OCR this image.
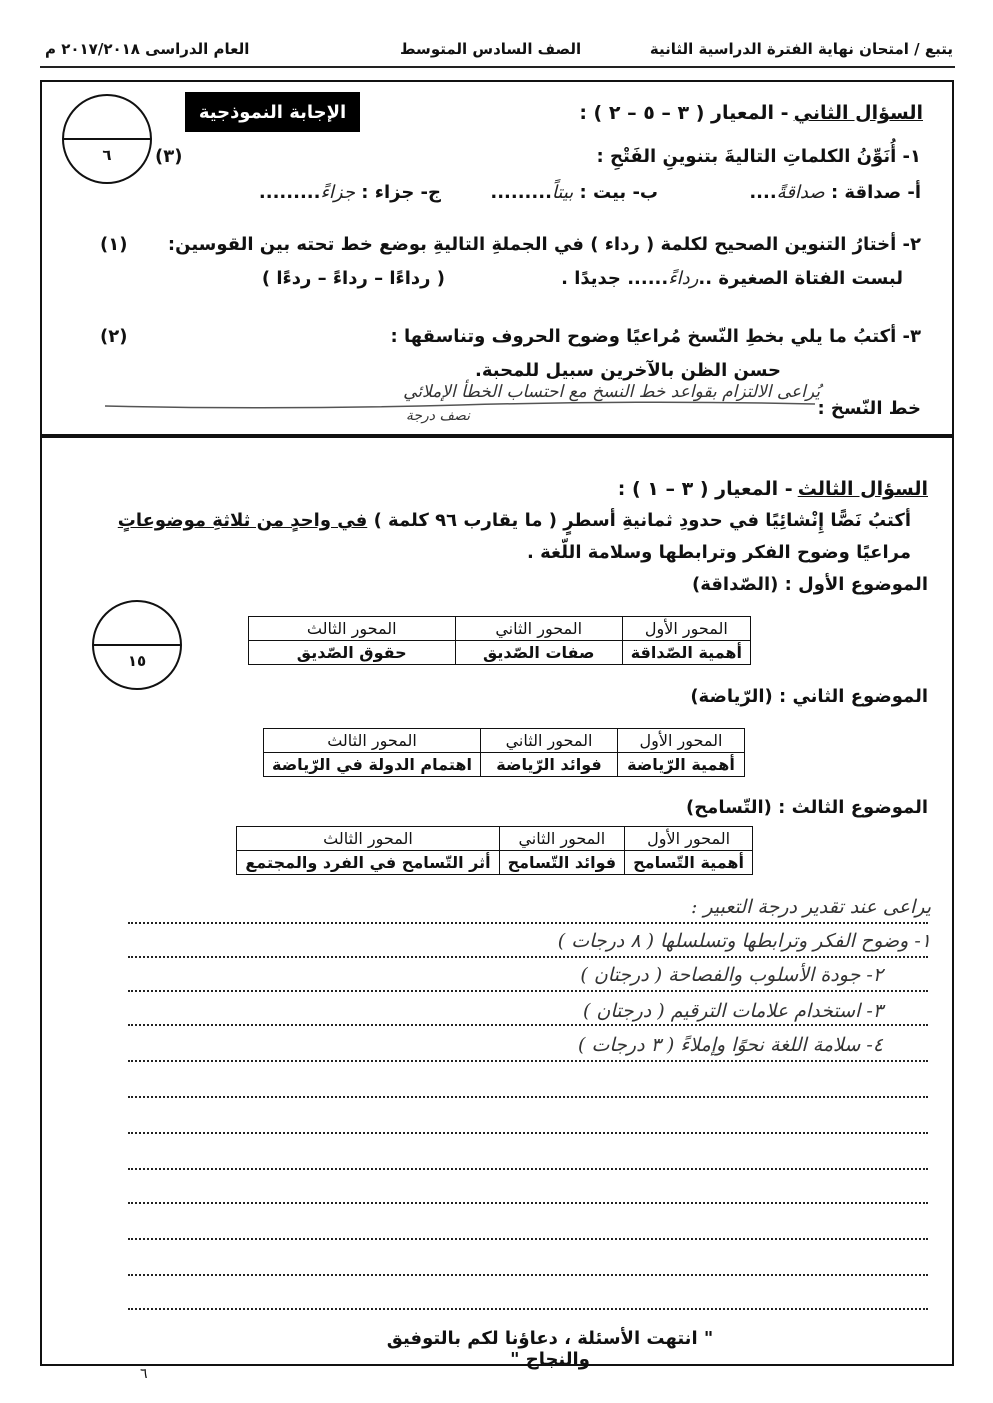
يتبع / امتحان نهاية الفترة الدراسية الثانية
الصف السادس المتوسط
العام الدراسى ٢٠١٧/٢٠١٨ م
٦
الإجابة النموذجية	السؤال الثاني - المعيار ( ٣ – ٥ – ٢ ) :
١- أُنَوِّنُ الكلماتِ التاليةَ بتنوينِ الفَتْحِ :
(٣)
أ- صداقة : صداقةً....
ب- بيت : بيتاً.........
ج- جزاء : جزاءً.........
٢- أختارُ التنوين الصحيح لكلمة ( رداء ) في الجملةِ التاليةِ بوضع خط تحته بين القوسين:
(١)
لبست الفتاة الصغيرة ..رداءً...... جديدًا .
( رداءًا – رداءً – ردءًا )
٣- أكتبُ ما يلي بخطِ النّسخ مُراعيًا وضوح الحروف وتناسقها :
(٢)
حسن الظن بالآخرين سبيل للمحبة.
خط النّسخ :
يُراعى الالتزام بقواعد خط النسخ مع احتساب الخطأ الإملائي
نصف درجة
السؤال الثالث - المعيار ( ٣ – ١ ) :
أكتبُ نَصًّا إِنْشائِيًا في حدودِ ثمانيةِ أسطرٍ ( ما يقارب ٩٦ كلمة ) في واحدٍ من ثلاثةِ موضوعاتٍ
مراعيًا وضوح الفكر وترابطها وسلامة اللّغة .
١٥
الموضوع الأول : (الصّداقة)
المحور الأول	المحور الثاني	المحور الثالث
أهمية الصّداقة	صفات الصّديق	حقوق الصّديق
الموضوع الثاني : (الرّياضة)
المحور الأول	المحور الثاني	المحور الثالث
أهمية الرّياضة	فوائد الرّياضة	اهتمام الدولة في الرّياضة
الموضوع الثالث : (التّسامح)
المحور الأول	المحور الثاني	المحور الثالث
أهمية التّسامح	فوائد التّسامح	أثر التّسامح في الفرد والمجتمع
يراعى عند تقدير درجة التعبير :
١- وضوح الفكر وترابطها وتسلسلها ( ٨ درجات )
٢- جودة الأسلوب والفصاحة ( درجتان )
٣- استخدام علامات الترقيم ( درجتان )
٤- سلامة اللغة نحوًا وإملاءً ( ٣ درجات )
" انتهت الأسئلة ، دعاؤنا لكم بالتوفيق والنجاح "
٦
